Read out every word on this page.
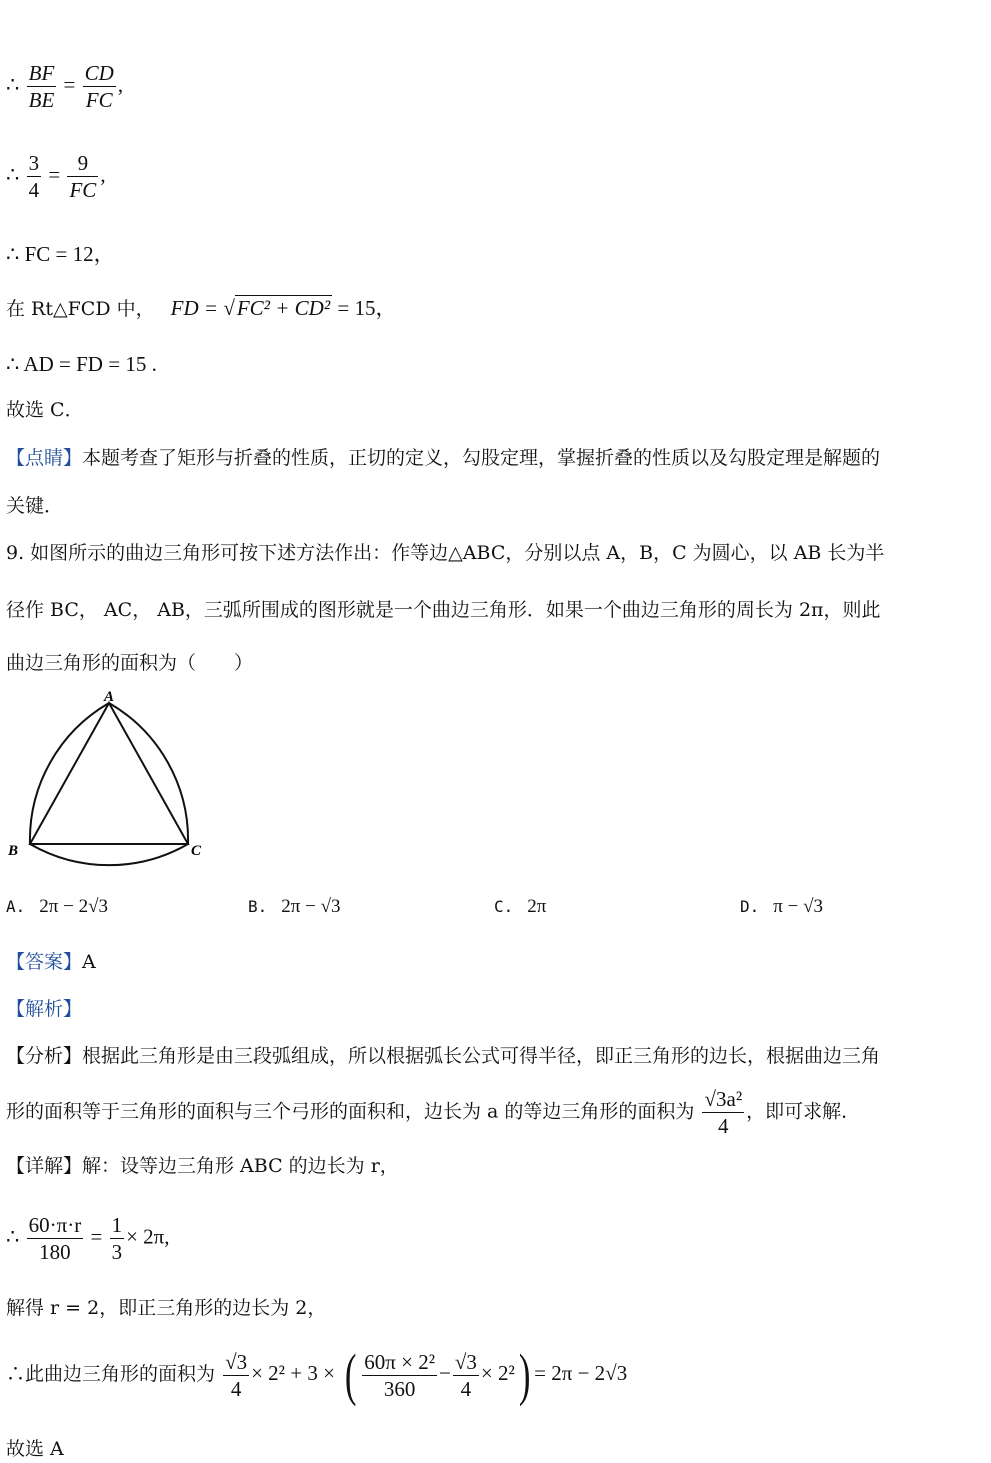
∴ $\frac{BF}{BE} = \frac{CD}{FC}$ ,
∴ $\frac{3}{4} = \frac{9}{FC}$ ,
∴ FC = 12，
在 Rt△FCD 中， FD = √FC² + CD² = 15，
∴ AD = FD = 15 .
故选 C．
【点睛】本题考查了矩形与折叠的性质，正切的定义，勾股定理，掌握折叠的性质以及勾股定理是解题的
关键．
9. 如图所示的曲边三角形可按下述方法作出：作等边△ABC，分别以点 A，B，C 为圆心，以 AB 长为半
径作 BC， AC， AB，三弧所围成的图形就是一个曲边三角形．如果一个曲边三角形的周长为 2π，则此
曲边三角形的面积为（　　）
A
B	C
A. 2π − 2√3	B. 2π − √3	C. 2π	D. π − √3
【答案】A
【解析】
【分析】根据此三角形是由三段弧组成，所以根据弧长公式可得半径，即正三角形的边长，根据曲边三角
形的面积等于三角形的面积与三个弓形的面积和，边长为 a 的等边三角形的面积为 $\frac{\text{√3a²}}{4}$ ，即可求解．
【详解】解：设等边三角形 ABC 的边长为 r，
∴ $\frac{60\cdot\pi\cdot r}{180} = \frac{1}{3} \times 2\pi$,
解得 r = 2，即正三角形的边长为 2，
∴此曲边三角形的面积为 $\frac{√3}{4} \times 2^2 + 3$ × ( $\frac{\text{60π × 2²}}{360} - \frac{√3}{4} \times 2^2) = 2\pi - 2√3$
故选 A
